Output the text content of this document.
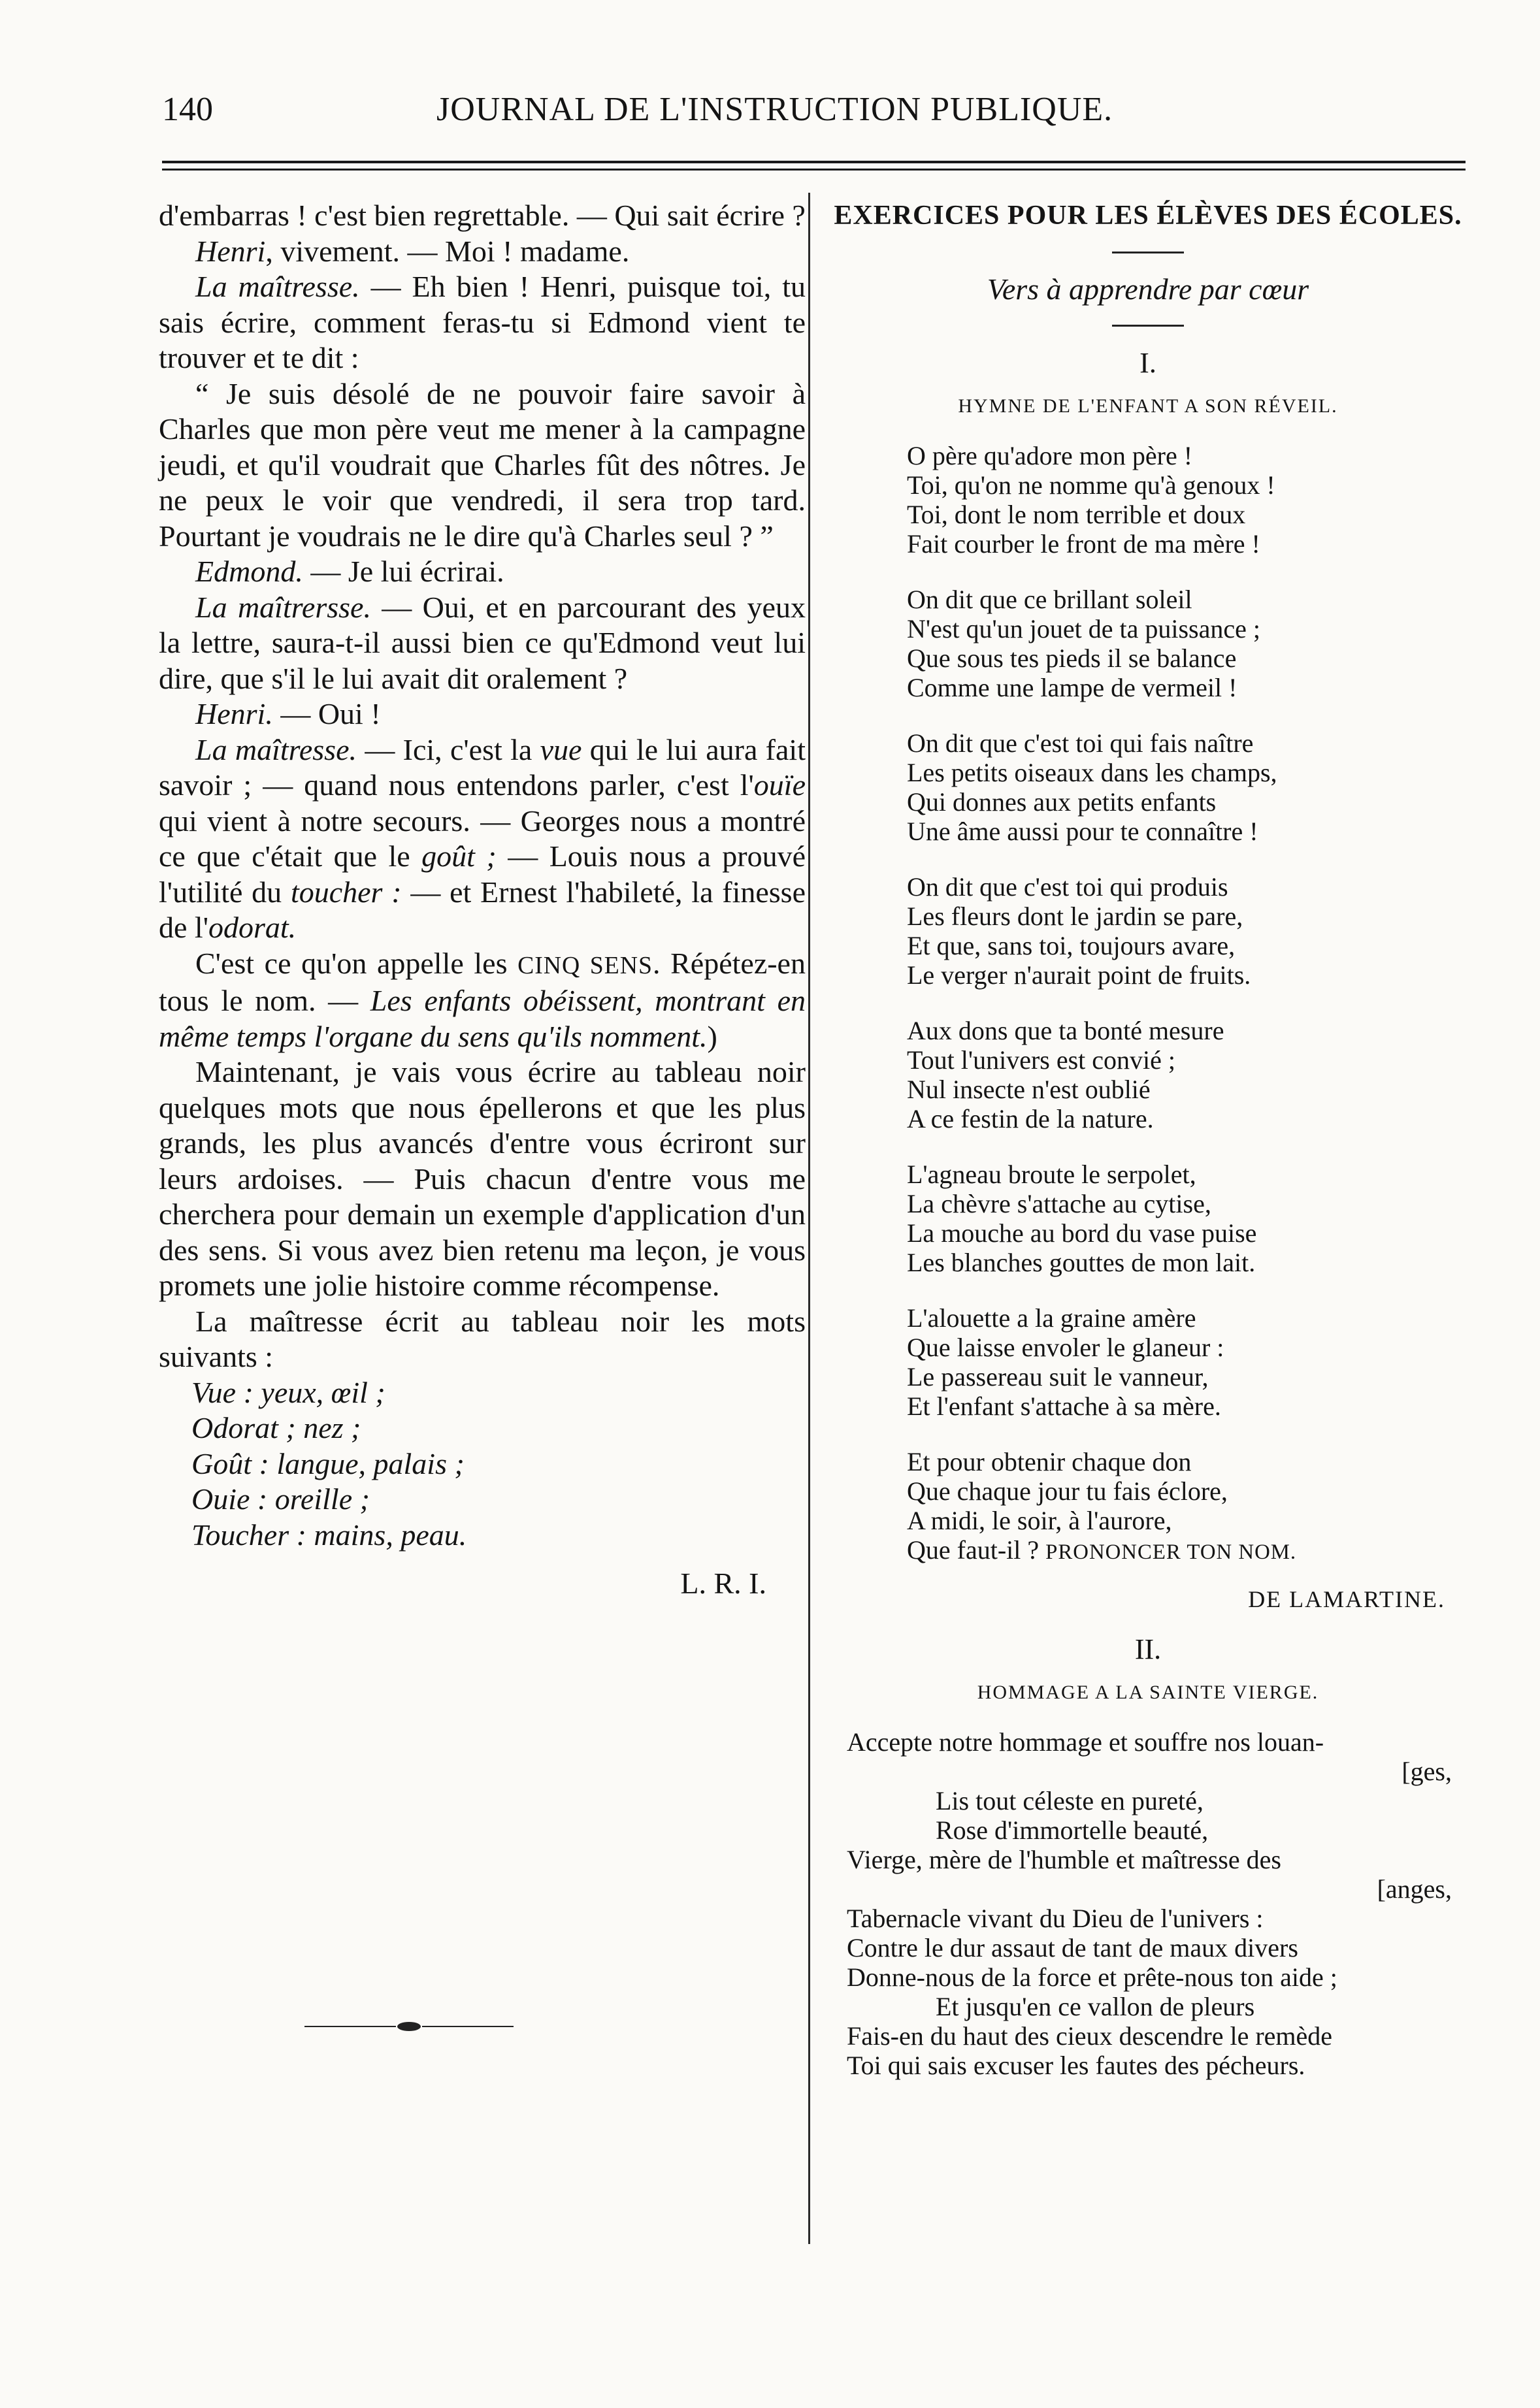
140	JOURNAL DE L'INSTRUCTION PUBLIQUE.

d'embarras ! c'est bien regrettable. — Qui sait écrire ?

Henri, vivement. — Moi ! madame.

La maîtresse. — Eh bien ! Henri, puisque toi, tu sais écrire, comment feras-tu si Edmond vient te trouver et te dit :

“ Je suis désolé de ne pouvoir faire savoir à Charles que mon père veut me mener à la campagne jeudi, et qu'il voudrait que Charles fût des nôtres. Je ne peux le voir que vendredi, il sera trop tard. Pourtant je voudrais ne le dire qu'à Charles seul ? ”

Edmond. — Je lui écrirai.

La maîtrersse. — Oui, et en parcourant des yeux la lettre, saura-t-il aussi bien ce qu'Edmond veut lui dire, que s'il le lui avait dit oralement ?

Henri. — Oui !

La maîtresse. — Ici, c'est la vue qui le lui aura fait savoir ; — quand nous entendons parler, c'est l'ouïe qui vient à notre secours. — Georges nous a montré ce que c'était que le goût ; — Louis nous a prouvé l'utilité du toucher : — et Ernest l'habileté, la finesse de l'odorat.

C'est ce qu'on appelle les CINQ SENS. Répétez-en tous le nom. — Les enfants obéissent, montrant en même temps l'organe du sens qu'ils nomment.)

Maintenant, je vais vous écrire au tableau noir quelques mots que nous épellerons et que les plus grands, les plus avancés d'entre vous écriront sur leurs ardoises. — Puis chacun d'entre vous me cherchera pour demain un exemple d'application d'un des sens. Si vous avez bien retenu ma leçon, je vous promets une jolie histoire comme récompense.

La maîtresse écrit au tableau noir les mots suivants :

Vue : yeux, œil ;
Odorat ; nez ;
Goût : langue, palais ;
Ouie : oreille ;
Toucher : mains, peau.
L. R. I.
EXERCICES POUR LES ÉLÈVES DES ÉCOLES.
Vers à apprendre par cœur
I.
HYMNE DE L'ENFANT A SON RÉVEIL.
O père qu'adore mon père !
Toi, qu'on ne nomme qu'à genoux !
Toi, dont le nom terrible et doux
Fait courber le front de ma mère !
On dit que ce brillant soleil
N'est qu'un jouet de ta puissance ;
Que sous tes pieds il se balance
Comme une lampe de vermeil !
On dit que c'est toi qui fais naître
Les petits oiseaux dans les champs,
Qui donnes aux petits enfants
Une âme aussi pour te connaître !
On dit que c'est toi qui produis
Les fleurs dont le jardin se pare,
Et que, sans toi, toujours avare,
Le verger n'aurait point de fruits.
Aux dons que ta bonté mesure
Tout l'univers est convié ;
Nul insecte n'est oublié
A ce festin de la nature.
L'agneau broute le serpolet,
La chèvre s'attache au cytise,
La mouche au bord du vase puise
Les blanches gouttes de mon lait.
L'alouette a la graine amère
Que laisse envoler le glaneur :
Le passereau suit le vanneur,
Et l'enfant s'attache à sa mère.
Et pour obtenir chaque don
Que chaque jour tu fais éclore,
A midi, le soir, à l'aurore,
Que faut-il ? PRONONCER TON NOM.
DE LAMARTINE.
II.
HOMMAGE A LA SAINTE VIERGE.
Accepte notre hommage et souffre nos louan-
[ges,
Lis tout céleste en pureté,
Rose d'immortelle beauté,
Vierge, mère de l'humble et maîtresse des
[anges,
Tabernacle vivant du Dieu de l'univers :
Contre le dur assaut de tant de maux divers
Donne-nous de la force et prête-nous ton aide ;
Et jusqu'en ce vallon de pleurs
Fais-en du haut des cieux descendre le remède
Toi qui sais excuser les fautes des pécheurs.
